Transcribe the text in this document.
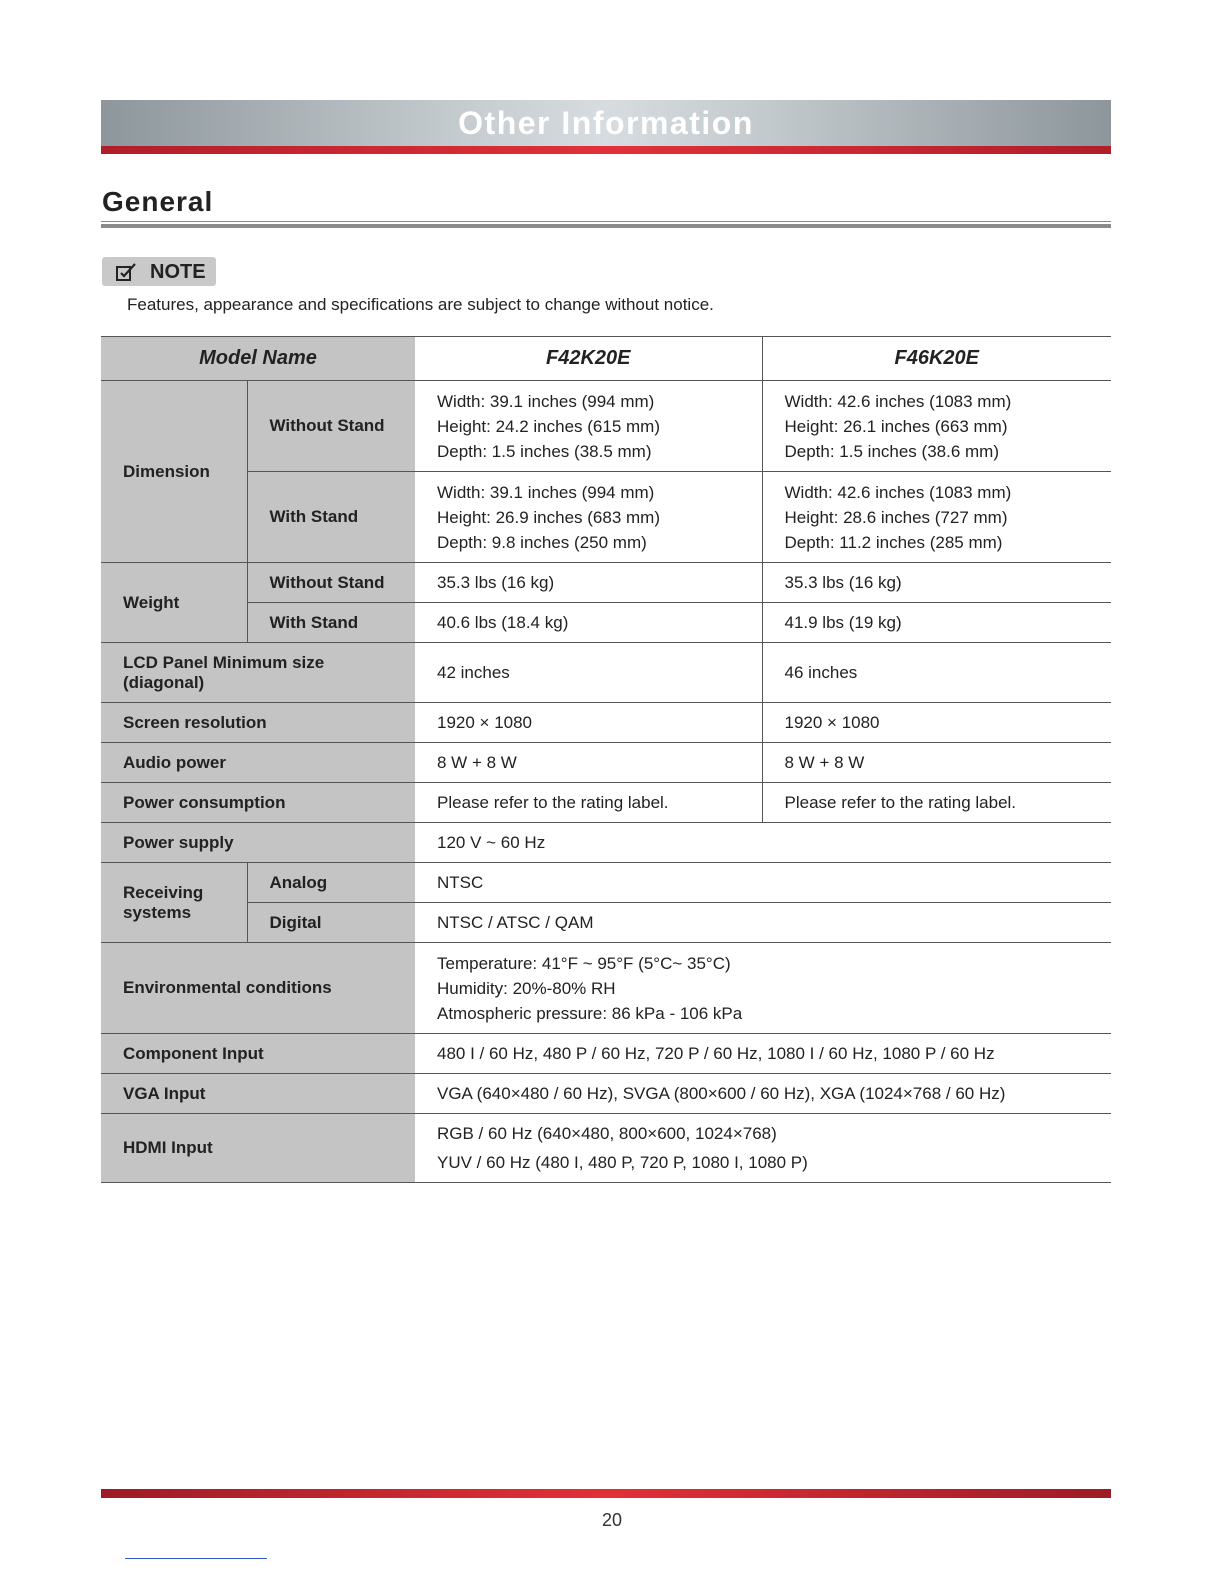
Other Information
General
NOTE

Features, appearance and specifications are subject to change without notice.

Model Name		F42K20E	F46K20E
Dimension	Without Stand	Width: 39.1 inches (994 mm)
Height: 24.2 inches (615 mm)
Depth: 1.5 inches (38.5 mm)	Width: 42.6 inches (1083 mm)
Height: 26.1 inches (663 mm)
Depth: 1.5 inches (38.6 mm)

	With Stand	Width: 39.1 inches (994 mm)
Height: 26.9 inches (683 mm)
Depth: 9.8 inches (250 mm)	Width: 42.6 inches (1083 mm)
Height: 28.6 inches (727 mm)
Depth: 11.2 inches (285 mm)

Weight	Without Stand	35.3 lbs (16 kg)	35.3 lbs (16 kg)
	With Stand	40.6 lbs (18.4 kg)	41.9 lbs (19 kg)

LCD Panel Minimum size
(diagonal)		42 inches	46 inches
Screen resolution		1920 × 1080	1920 × 1080
Audio power		8 W + 8 W	8 W + 8 W
Power consumption		Please refer to the rating label.	Please refer to the rating label.
Power supply		120 V ~ 60 Hz	

Receiving
systems	Analog	NTSC	
	Digital	NTSC / ATSC / QAM	
Environmental conditions		Temperature: 41°F ~ 95°F (5°C~ 35°C)
Humidity: 20%-80% RH
Atmospheric pressure: 86 kPa - 106 kPa	

Component Input		480 I / 60 Hz, 480 P / 60 Hz, 720 P / 60 Hz, 1080 I / 60 Hz, 1080 P / 60 Hz	
VGA Input		VGA (640×480 / 60 Hz), SVGA (800×600 / 60 Hz), XGA (1024×768 / 60 Hz)	
HDMI Input		RGB / 60 Hz (640×480, 800×600, 1024×768)
YUV / 60 Hz (480 I, 480 P, 720 P, 1080 I, 1080 P)	
20
